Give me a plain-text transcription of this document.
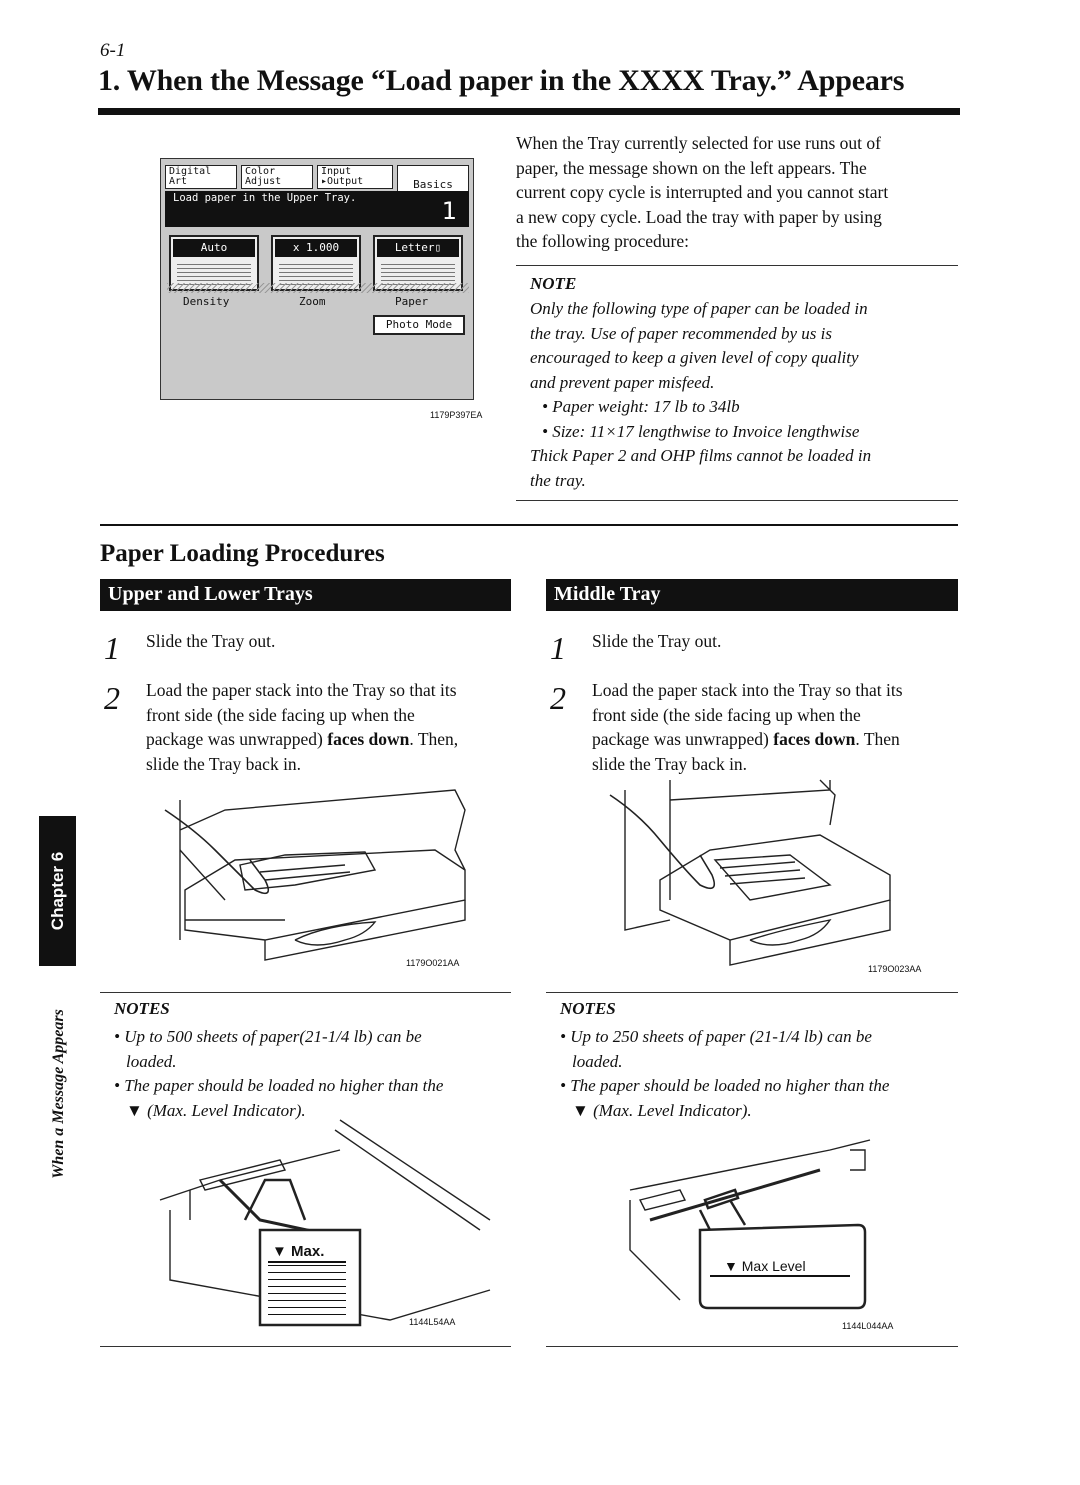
6-1
1. When the Message “Load paper in the XXXX Tray.” Appears
Digital
Art
Color
Adjust
Input
▸Output	Basics
Load paper in the Upper Tray.	1
Auto	x 1.000	Letter▯
Density	Zoom	Paper
Photo Mode
1179P397EA
When the Tray currently selected for use runs out of
paper, the message shown on the left appears. The
current copy cycle is interrupted and you cannot start
a new copy cycle. Load the tray with paper by using
the following procedure:
NOTE
Only the following type of paper can be loaded in
the tray. Use of paper recommended by us is
encouraged to keep a given level of copy quality
and prevent paper misfeed.
• Paper weight: 17 lb to 34lb
• Size: 11×17 lengthwise to Invoice lengthwise
Thick Paper 2 and OHP films cannot be loaded in
the tray.
Paper Loading Procedures
Upper and Lower Trays
1 Slide the Tray out.
2 Load the paper stack into the Tray so that its
front side (the side facing up when the
package was unwrapped) faces down. Then,
slide the Tray back in.
1179O021AA
NOTES
• Up to 500 sheets of paper(21-1/4 lb) can be
loaded.
• The paper should be loaded no higher than the
▼ (Max. Level Indicator).
▼ Max.
1144L54AA
Middle Tray
1 Slide the Tray out.
2 Load the paper stack into the Tray so that its
front side (the side facing up when the
package was unwrapped) faces down. Then
slide the Tray back in.
1179O023AA
NOTES
• Up to 250 sheets of paper (21-1/4 lb) can be
loaded.
• The paper should be loaded no higher than the
▼ (Max. Level Indicator).
▼ Max Level
1144L044AA
Chapter 6
When a Message Appears
